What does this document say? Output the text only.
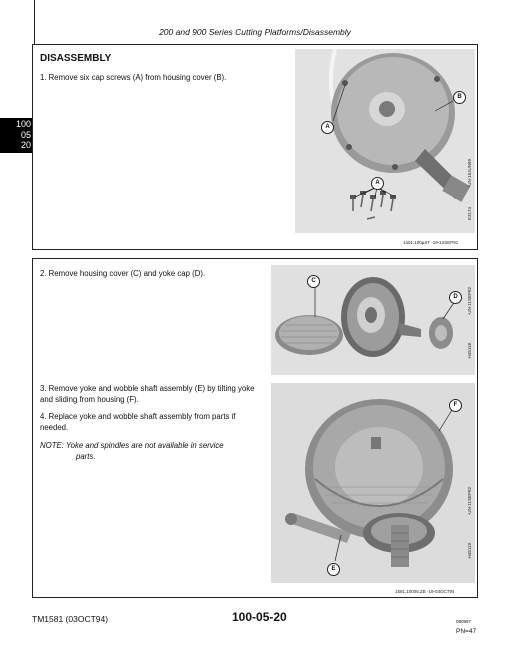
200 and 900 Series Cutting Platforms/Disassembly
100
05
20
DISASSEMBLY
1. Remove six cap screws (A) from housing cover (B).
A
B
A	-UN-10JUN99
E3174
1401,100µST -19-12SEP91
2. Remove housing cover (C) and yoke cap (D).
3. Remove yoke and wobble shaft assembly (E) by tilting yoke and sliding from housing (F).
4. Replace yoke and wobble shaft assembly from parts if needed.
NOTE: Yoke and spindles are not available in service
parts.
C
D	-UN-11SEP92
H45118
F
E
-UN-11SEP92
H45119
1581,10005,ZB -19-03OCT94
TM1581 (03OCT94)	100-05-20	080997
PN=47
